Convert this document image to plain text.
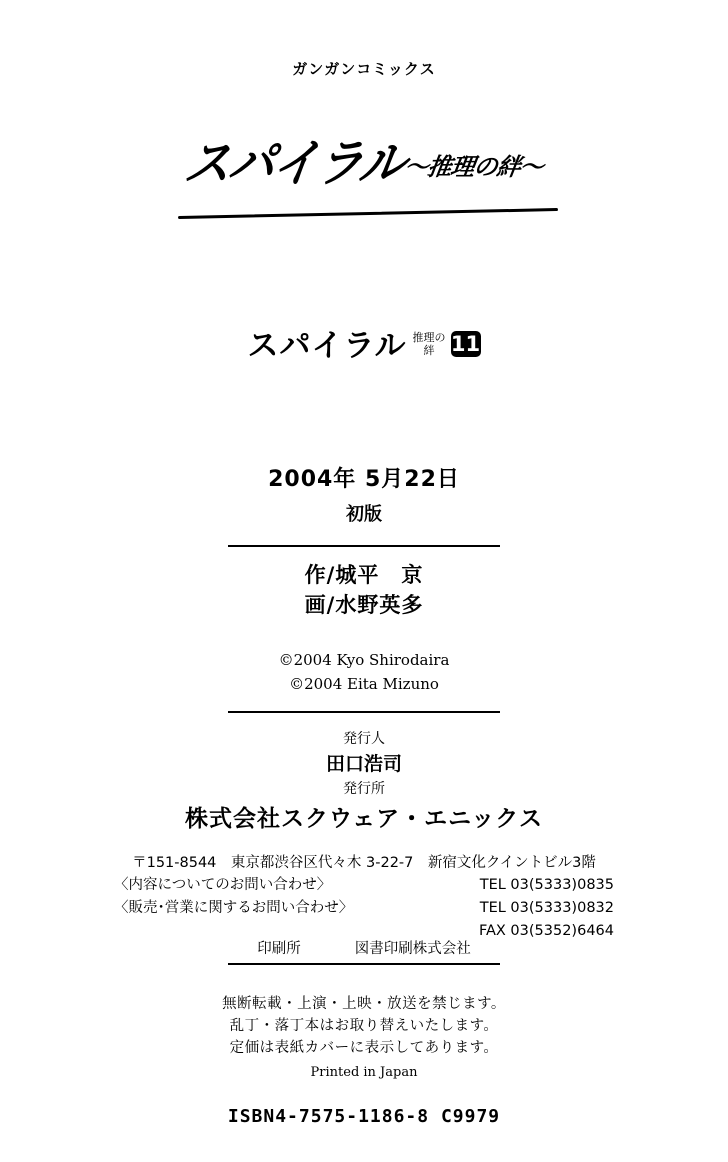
ガンガンコミックス
スパイラル～推理の絆～
スパイラル 推理の
絆 11
2004年 5月22日
初版
作/城平　京
画/水野英多
©2004 Kyo Shirodaira
©2004 Eita Mizuno
発行人
田口浩司
発行所
株式会社スクウェア・エニックス
〒151-8544　東京都渋谷区代々木 3-22-7　新宿文化クイントビル3階
〈内容についてのお問い合わせ〉	TEL 03(5333)0835
〈販売･営業に関するお問い合わせ〉	TEL 03(5333)0832
FAX 03(5352)6464
印刷所	図書印刷株式会社
無断転載・上演・上映・放送を禁じます。
乱丁・落丁本はお取り替えいたします。
定価は表紙カバーに表示してあります。
Printed in Japan
ISBN4-7575-1186-8 C9979
